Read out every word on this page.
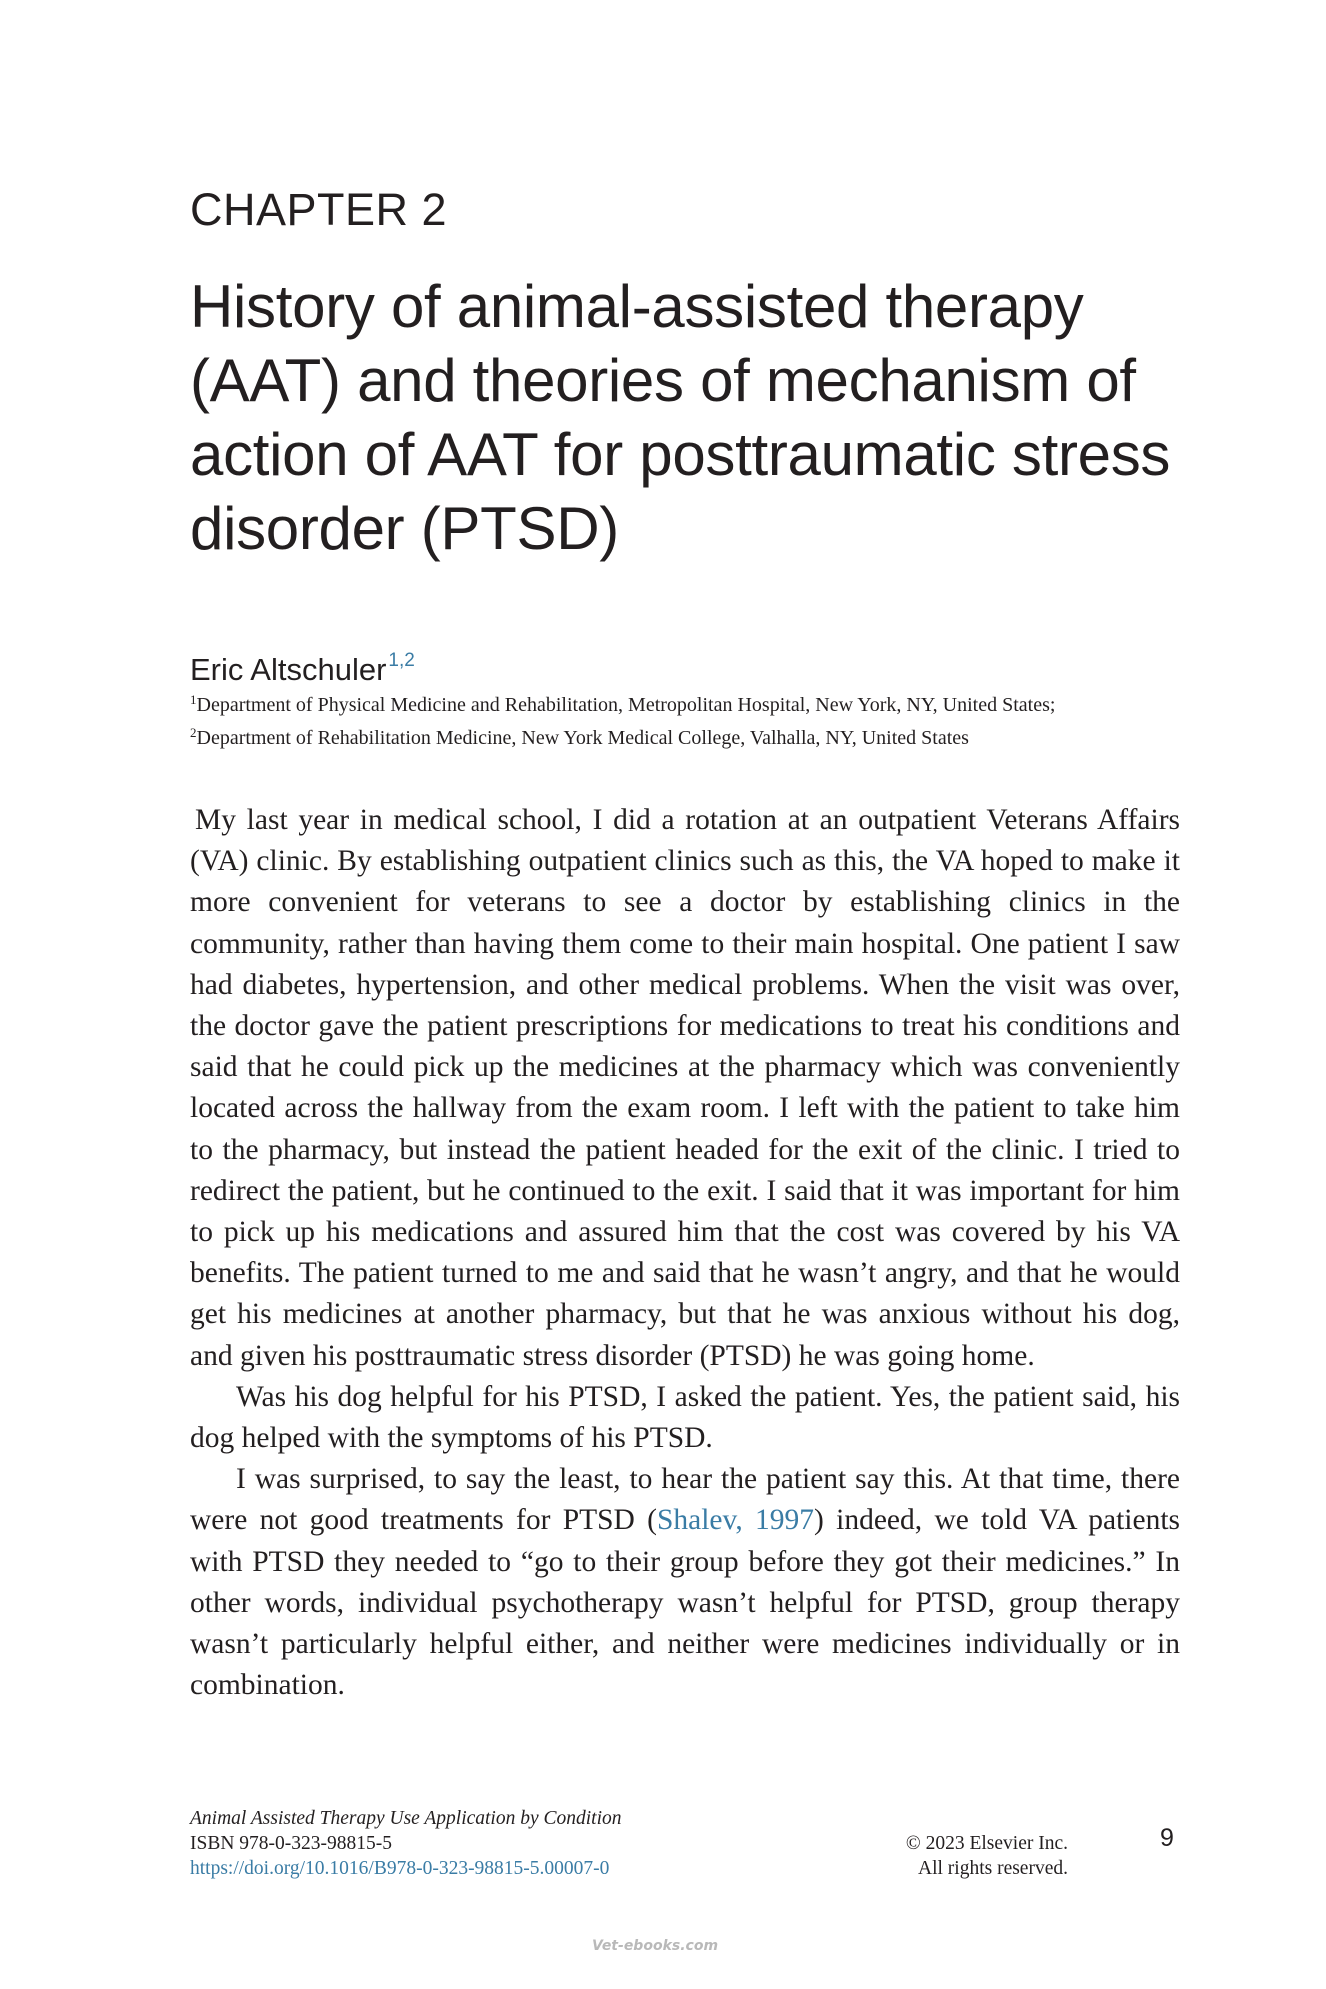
CHAPTER 2
History of animal-assisted therapy (AAT) and theories of mechanism of action of AAT for posttraumatic stress disorder (PTSD)
Eric Altschuler $^{1,2}$
$^1$Department of Physical Medicine and Rehabilitation, Metropolitan Hospital, New York, NY, United States; $^2$Department of Rehabilitation Medicine, New York Medical College, Valhalla, NY, United States

My last year in medical school, I did a rotation at an outpatient Veterans Affairs (VA) clinic. By establishing outpatient clinics such as this, the VA hoped to make it more convenient for veterans to see a doctor by establishing clinics in the community, rather than having them come to their main hospital. One patient I saw had diabetes, hypertension, and other medical problems. When the visit was over, the doctor gave the patient prescriptions for medications to treat his conditions and said that he could pick up the medicines at the pharmacy which was conveniently located across the hallway from the exam room. I left with the patient to take him to the pharmacy, but instead the patient headed for the exit of the clinic. I tried to redirect the patient, but he continued to the exit. I said that it was important for him to pick up his medications and assured him that the cost was covered by his VA benefits. The patient turned to me and said that he wasn’t angry, and that he would get his medicines at another pharmacy, but that he was anxious without his dog, and given his posttraumatic stress disorder (PTSD) he was going home.

Was his dog helpful for his PTSD, I asked the patient. Yes, the patient said, his dog helped with the symptoms of his PTSD.

I was surprised, to say the least, to hear the patient say this. At that time, there were not good treatments for PTSD (Shalev, 1997) indeed, we told VA patients with PTSD they needed to “go to their group before they got their medicines.” In other words, individual psychotherapy wasn’t helpful for PTSD, group therapy wasn’t particularly helpful either, and neither were medicines individually or in combination.

Animal Assisted Therapy Use Application by Condition
ISBN 978-0-323-98815-5
https://doi.org/10.1016/B978-0-323-98815-5.00007-0
© 2023 Elsevier Inc.
All rights reserved.
9
Vet-ebooks.com
